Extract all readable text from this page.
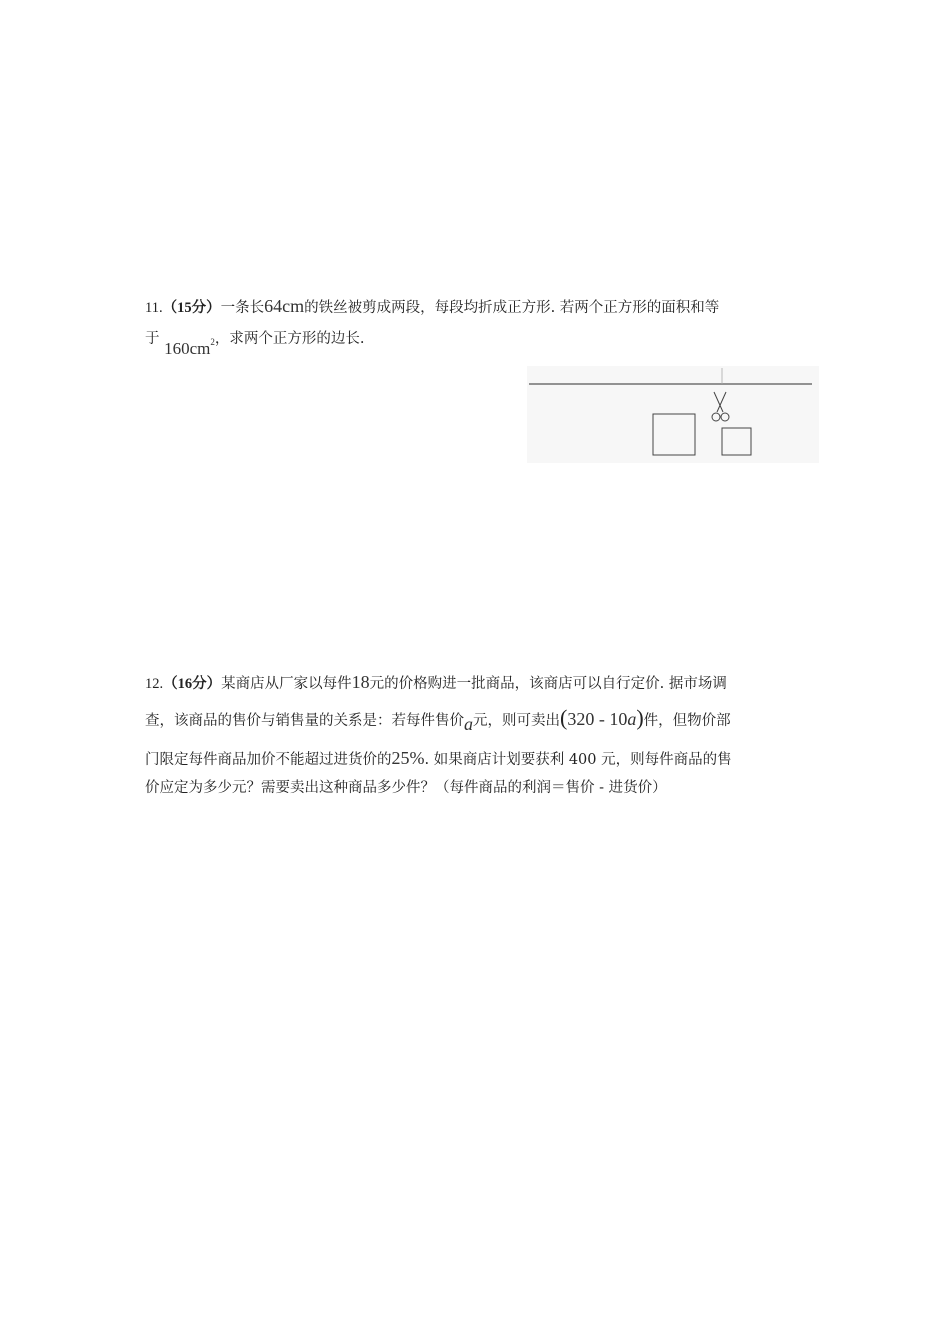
11.（15分）一条长64cm的铁丝被剪成两段，每段均折成正方形. 若两个正方形的面积和等
于 $160cm^2$，求两个正方形的边长.
12.（16分）某商店从厂家以每件18元的价格购进一批商品，该商店可以自行定价. 据市场调
查，该商品的售价与销售量的关系是：若每件售价a元，则可卖出(320 - 10a)件，但物价部
门限定每件商品加价不能超过进货价的25%. 如果商店计划要获利 400 元，则每件商品的售
价应定为多少元？需要卖出这种商品多少件？（每件商品的利润＝售价 - 进货价）
